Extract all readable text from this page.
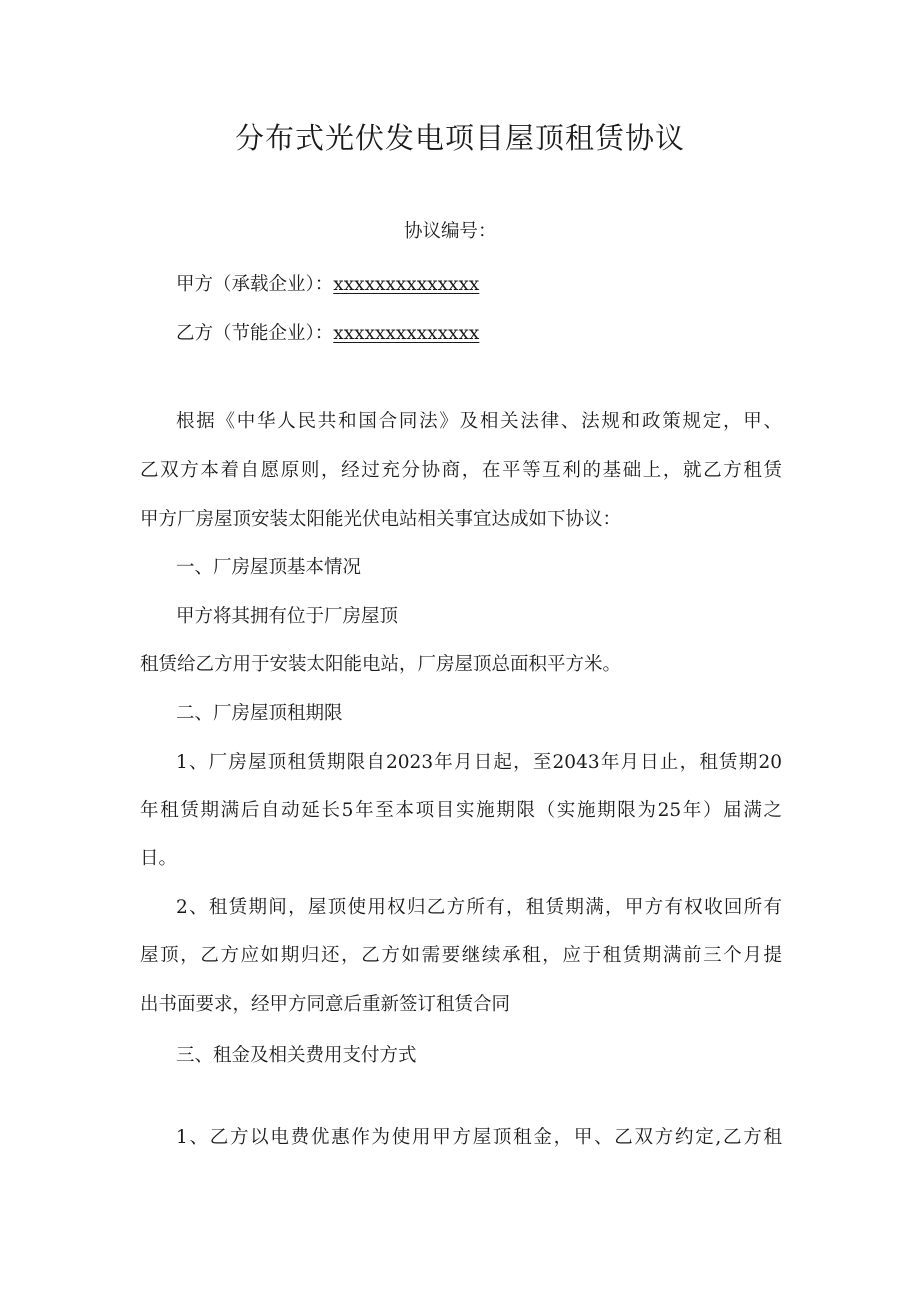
分布式光伏发电项目屋顶租赁协议
协议编号：
甲方（承载企业）：xxxxxxxxxxxxxx
乙方（节能企业）：xxxxxxxxxxxxxx
根据《中华人民共和国合同法》及相关法律、法规和政策规定，甲、
乙双方本着自愿原则，经过充分协商，在平等互利的基础上，就乙方租赁
甲方厂房屋顶安装太阳能光伏电站相关事宜达成如下协议：
一、厂房屋顶基本情况
甲方将其拥有位于厂房屋顶
租赁给乙方用于安装太阳能电站，厂房屋顶总面积平方米。
二、厂房屋顶租期限
1、厂房屋顶租赁期限自2023年月日起，至2043年月日止，租赁期20
年租赁期满后自动延长5年至本项目实施期限（实施期限为25年）届满之
日。
2、租赁期间，屋顶使用权归乙方所有，租赁期满，甲方有权收回所有
屋顶，乙方应如期归还，乙方如需要继续承租，应于租赁期满前三个月提
出书面要求，经甲方同意后重新签订租赁合同
三、租金及相关费用支付方式
1、乙方以电费优惠作为使用甲方屋顶租金，甲、乙双方约定,乙方租
